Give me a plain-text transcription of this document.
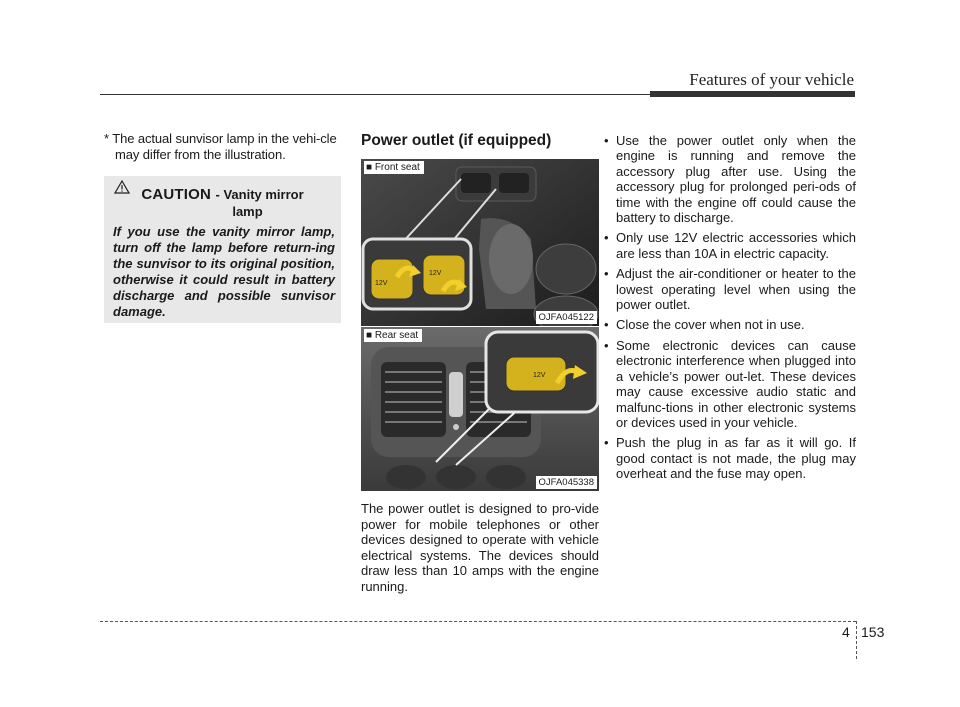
Features of your vehicle

* The actual sunvisor lamp in the vehi-cle may differ from the illustration.

CAUTION - Vanity mirror
lamp

If you use the vanity mirror lamp, turn off the lamp before return-ing the sunvisor to its original position, otherwise it could result in battery discharge and possible sunvisor damage.

Power outlet (if equipped)
12V
12V
■ Front seat
OJFA045122
12V
■ Rear seat
OJFA045338

The power outlet is designed to pro-vide power for mobile telephones or other devices designed to operate with vehicle electrical systems. The devices should draw less than 10 amps with the engine running.

• Use the power outlet only when the engine is running and remove the accessory plug after use. Using the accessory plug for prolonged peri-ods of time with the engine off could cause the battery to discharge.
• Only use 12V electric accessories which are less than 10A in electric capacity.
• Adjust the air-conditioner or heater to the lowest operating level when using the power outlet.
• Close the cover when not in use.
• Some electronic devices can cause electronic interference when plugged into a vehicle’s power out-let. These devices may cause excessive audio static and malfunc-tions in other electronic systems or devices used in your vehicle.
• Push the plug in as far as it will go. If good contact is not made, the plug may overheat and the fuse may open.
4 153
